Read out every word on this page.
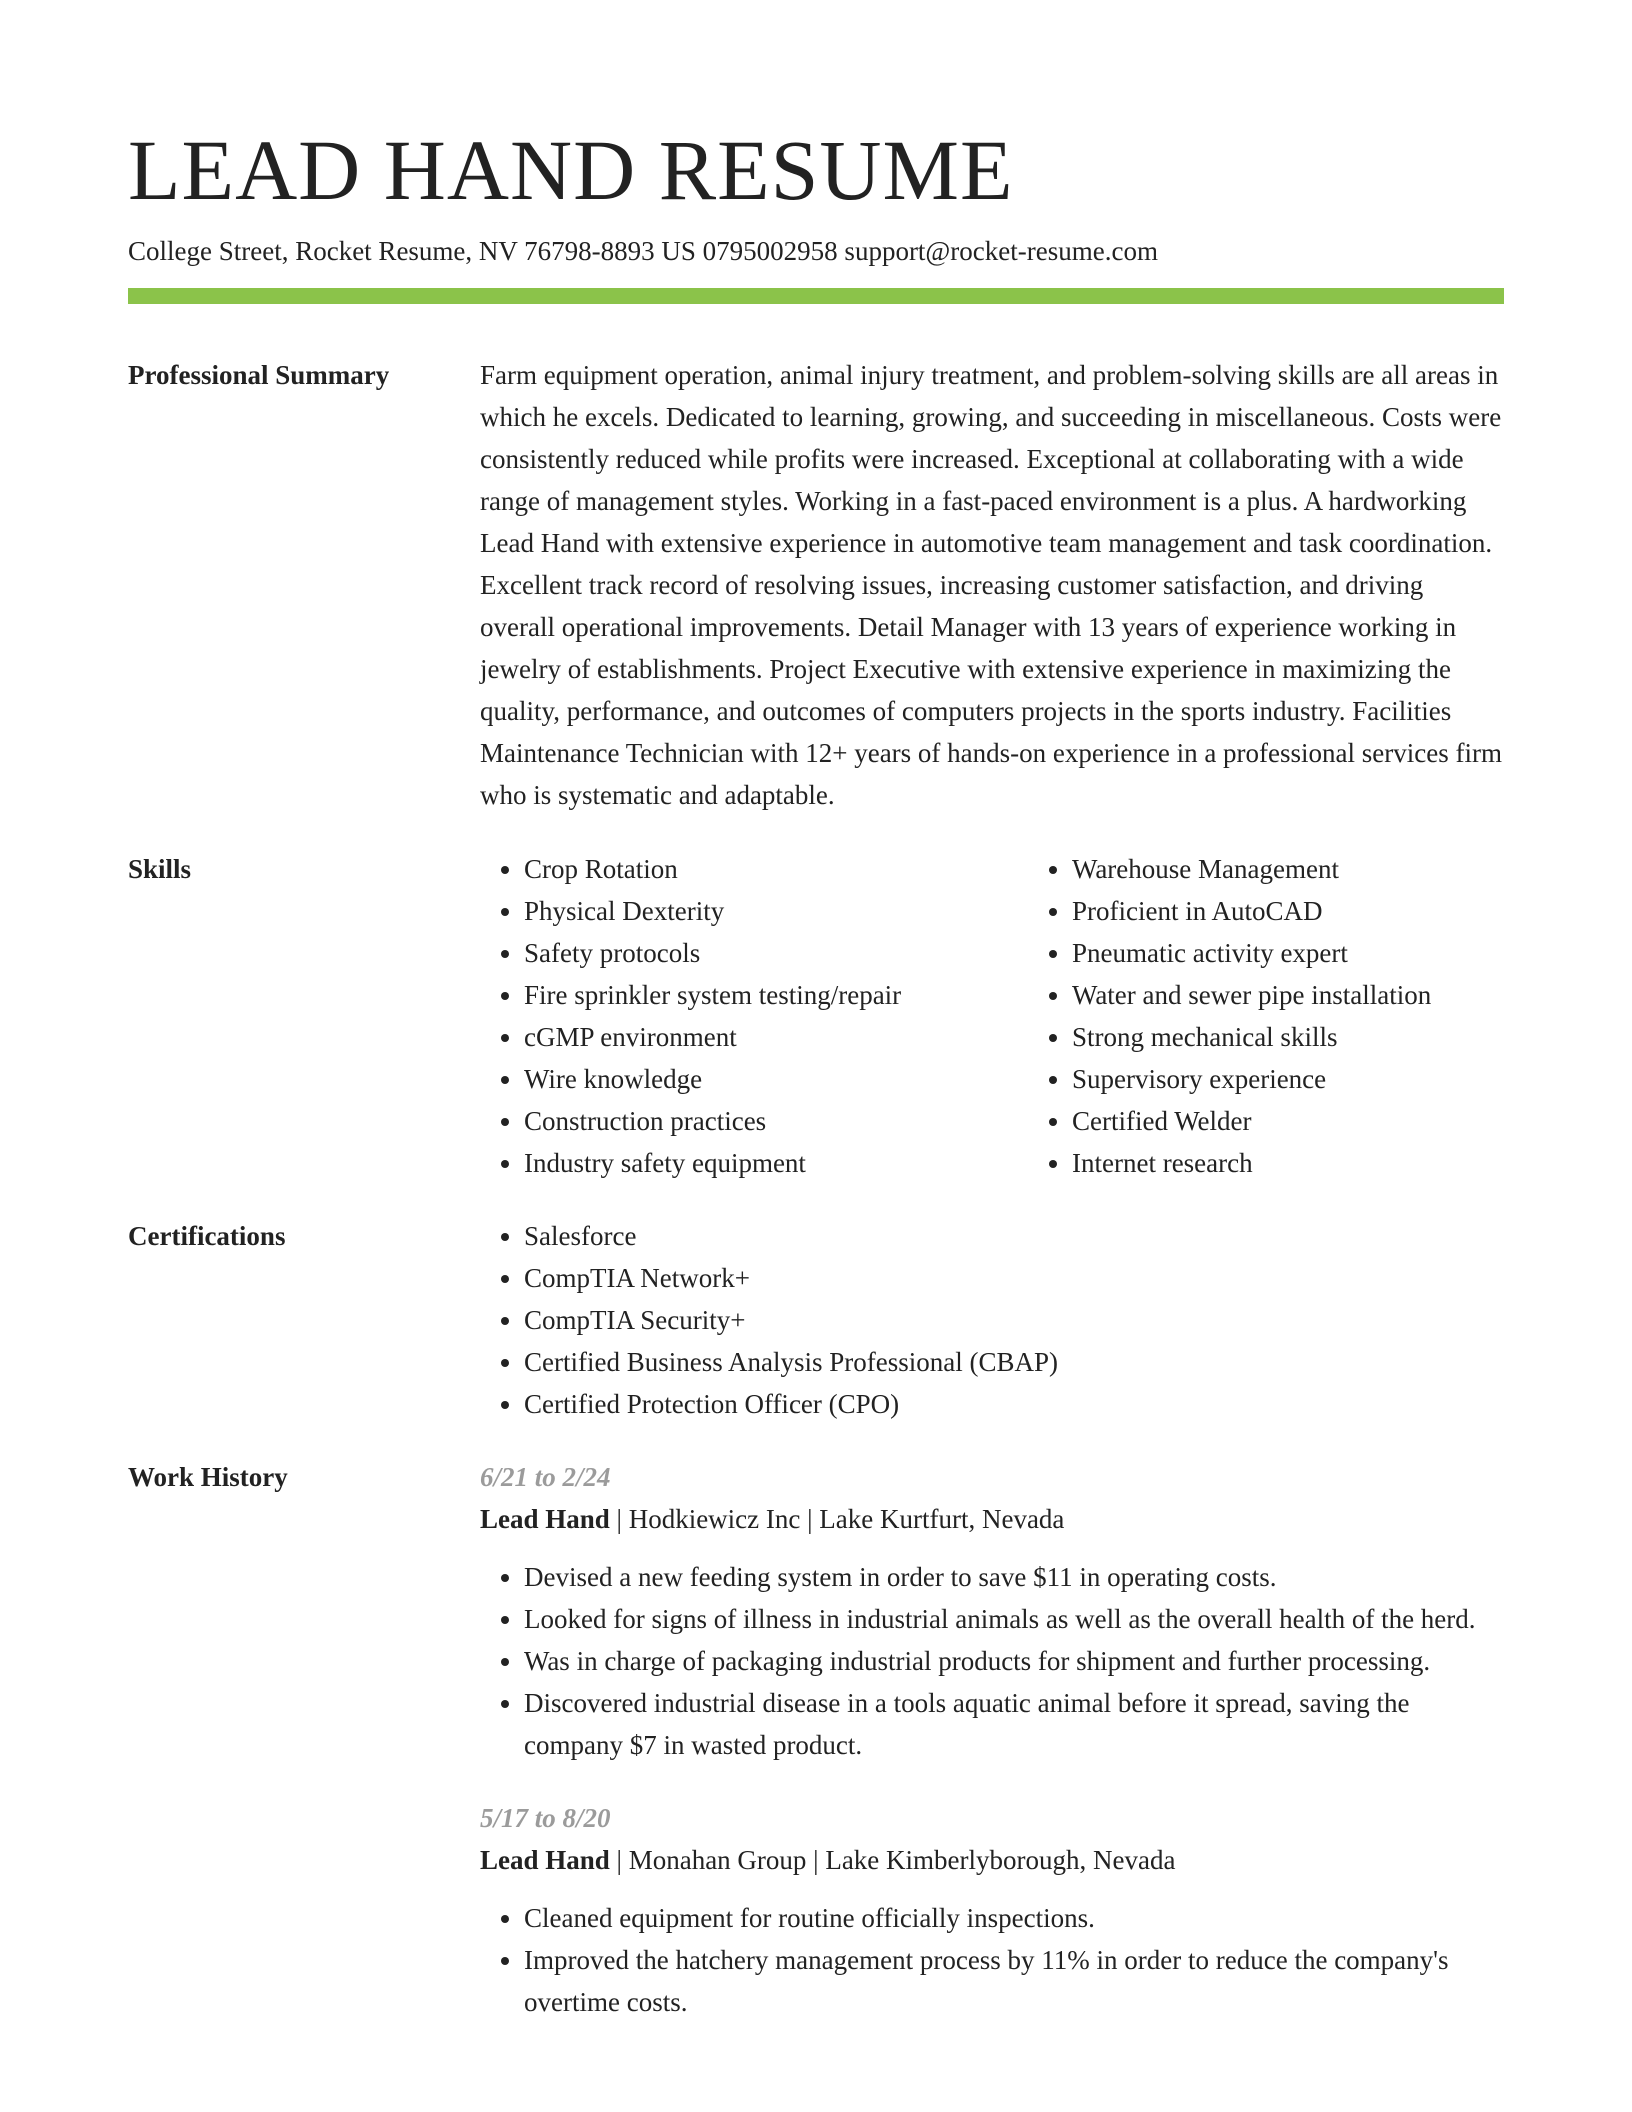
LEAD HAND RESUME
College Street, Rocket Resume, NV 76798-8893 US 0795002958 support@rocket-resume.com
Professional Summary	Farm equipment operation, animal injury treatment, and problem-solving skills are all areas in which he excels. Dedicated to learning, growing, and succeeding in miscellaneous. Costs were consistently reduced while profits were increased. Exceptional at collaborating with a wide range of management styles. Working in a fast-paced environment is a plus. A hardworking Lead Hand with extensive experience in automotive team management and task coordination. Excellent track record of resolving issues, increasing customer satisfaction, and driving overall operational improvements. Detail Manager with 13 years of experience working in jewelry of establishments. Project Executive with extensive experience in maximizing the quality, performance, and outcomes of computers projects in the sports industry. Facilities Maintenance Technician with 12+ years of hands-on experience in a professional services firm who is systematic and adaptable.

Skills	• Crop Rotation
• Physical Dexterity
• Safety protocols
• Fire sprinkler system testing/repair
• cGMP environment
• Wire knowledge
• Construction practices
• Industry safety equipment
• Warehouse Management
• Proficient in AutoCAD
• Pneumatic activity expert
• Water and sewer pipe installation
• Strong mechanical skills
• Supervisory experience
• Certified Welder
• Internet research
Certifications	• Salesforce
• CompTIA Network+
• CompTIA Security+
• Certified Business Analysis Professional (CBAP)
• Certified Protection Officer (CPO)
Work History	6/21 to 2/24
Lead Hand | Hodkiewicz Inc | Lake Kurtfurt, Nevada
• Devised a new feeding system in order to save $11 in operating costs.
• Looked for signs of illness in industrial animals as well as the overall health of the herd.
• Was in charge of packaging industrial products for shipment and further processing.
• Discovered industrial disease in a tools aquatic animal before it spread, saving the company $7 in wasted product.
5/17 to 8/20
Lead Hand | Monahan Group | Lake Kimberlyborough, Nevada
• Cleaned equipment for routine officially inspections.
• Improved the hatchery management process by 11% in order to reduce the company's overtime costs.
